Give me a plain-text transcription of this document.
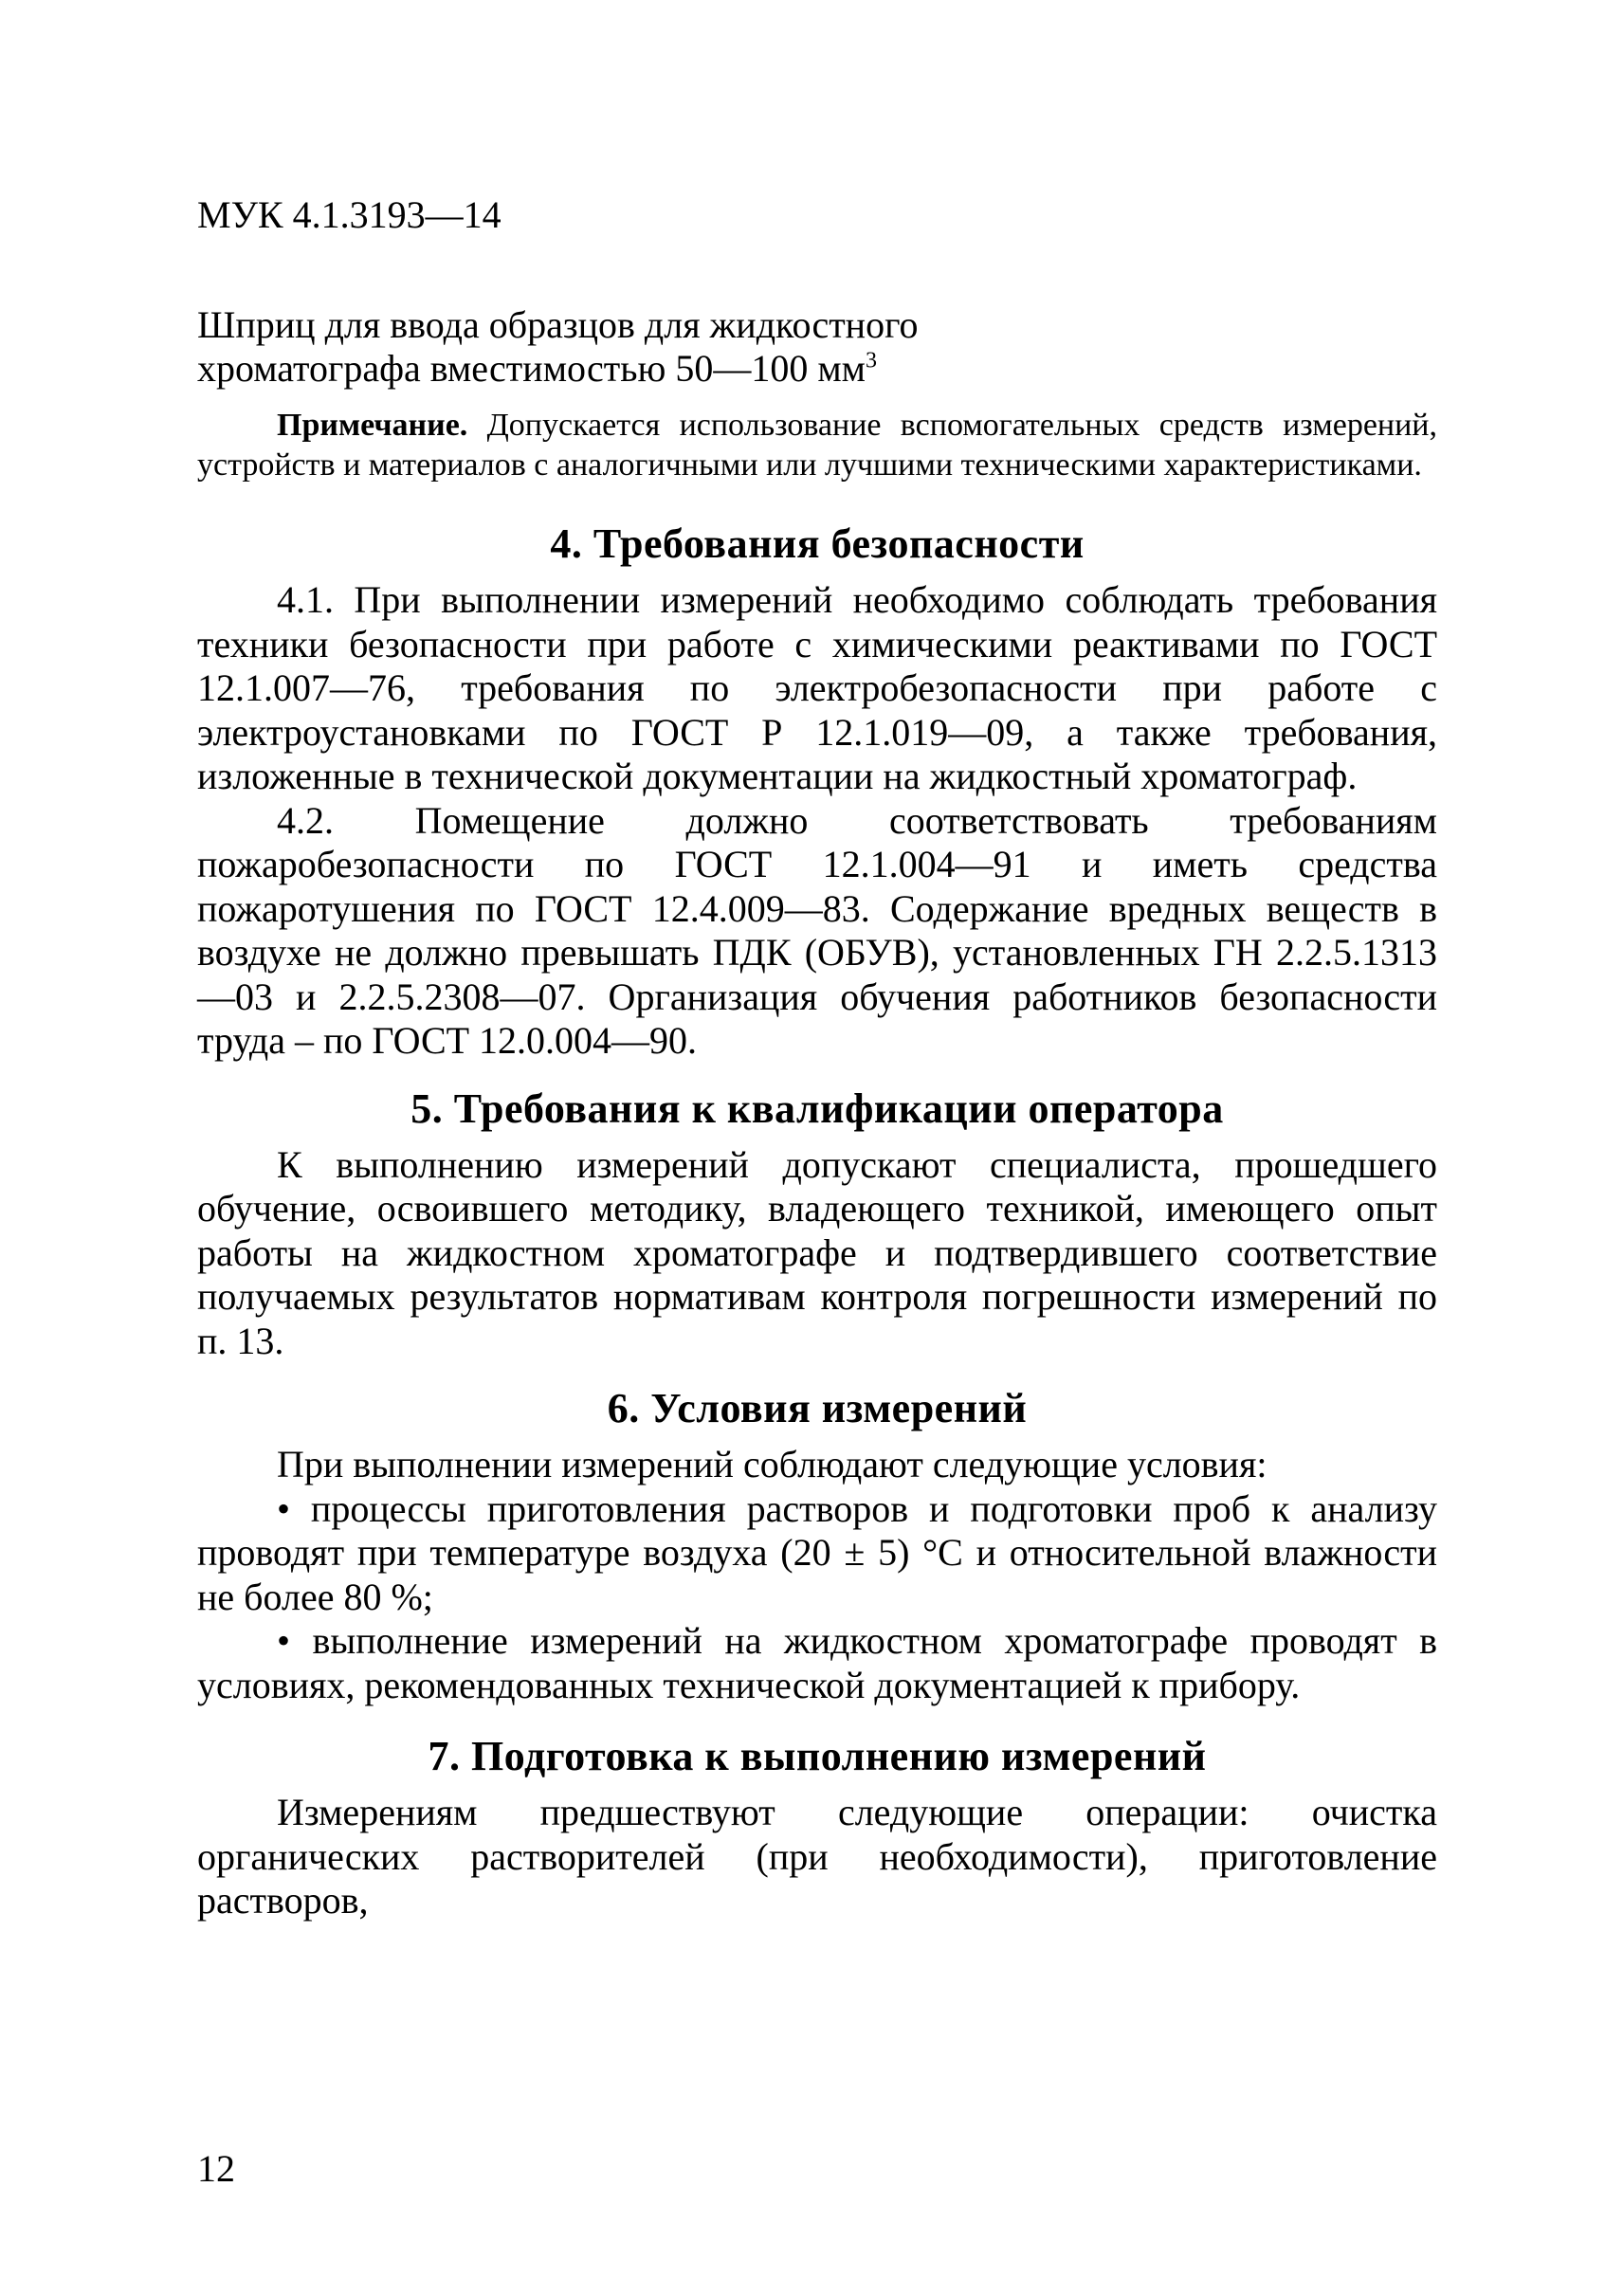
МУК 4.1.3193—14
Шприц для ввода образцов для жидкостного
хроматографа вместимостью 50—100 $мм^3$

Примечание. Допускается использование вспомогательных средств измерений, устройств и материалов с аналогичными или лучшими техническими характеристиками.

4. Требования безопасности

4.1. При выполнении измерений необходимо соблюдать требования техники безопасности при работе с химическими реактивами по ГОСТ 12.1.007—76, требования по электробезопасности при работе с электроустановками по ГОСТ Р 12.1.019—09, а также требования, изложенные в технической документации на жидкостный хроматограф.

4.2. Помещение должно соответствовать требованиям пожаробезопасности по ГОСТ 12.1.004—91 и иметь средства пожаротушения по ГОСТ 12.4.009—83. Содержание вредных веществ в воздухе не должно превышать ПДК (ОБУВ), установленных ГН 2.2.5.1313—03 и 2.2.5.2308—07. Организация обучения работников безопасности труда – по ГОСТ 12.0.004—90.

5. Требования к квалификации оператора

К выполнению измерений допускают специалиста, прошедшего обучение, освоившего методику, владеющего техникой, имеющего опыт работы на жидкостном хроматографе и подтвердившего соответствие получаемых результатов нормативам контроля погрешности измерений по п. 13.

6. Условия измерений

При выполнении измерений соблюдают следующие условия:

• процессы приготовления растворов и подготовки проб к анализу проводят при температуре воздуха (20 ± 5) °С и относительной влажности не более 80 %;

• выполнение измерений на жидкостном хроматографе проводят в условиях, рекомендованных технической документацией к прибору.

7. Подготовка к выполнению измерений

Измерениям предшествуют следующие операции: очистка органических растворителей (при необходимости), приготовление растворов,

12
